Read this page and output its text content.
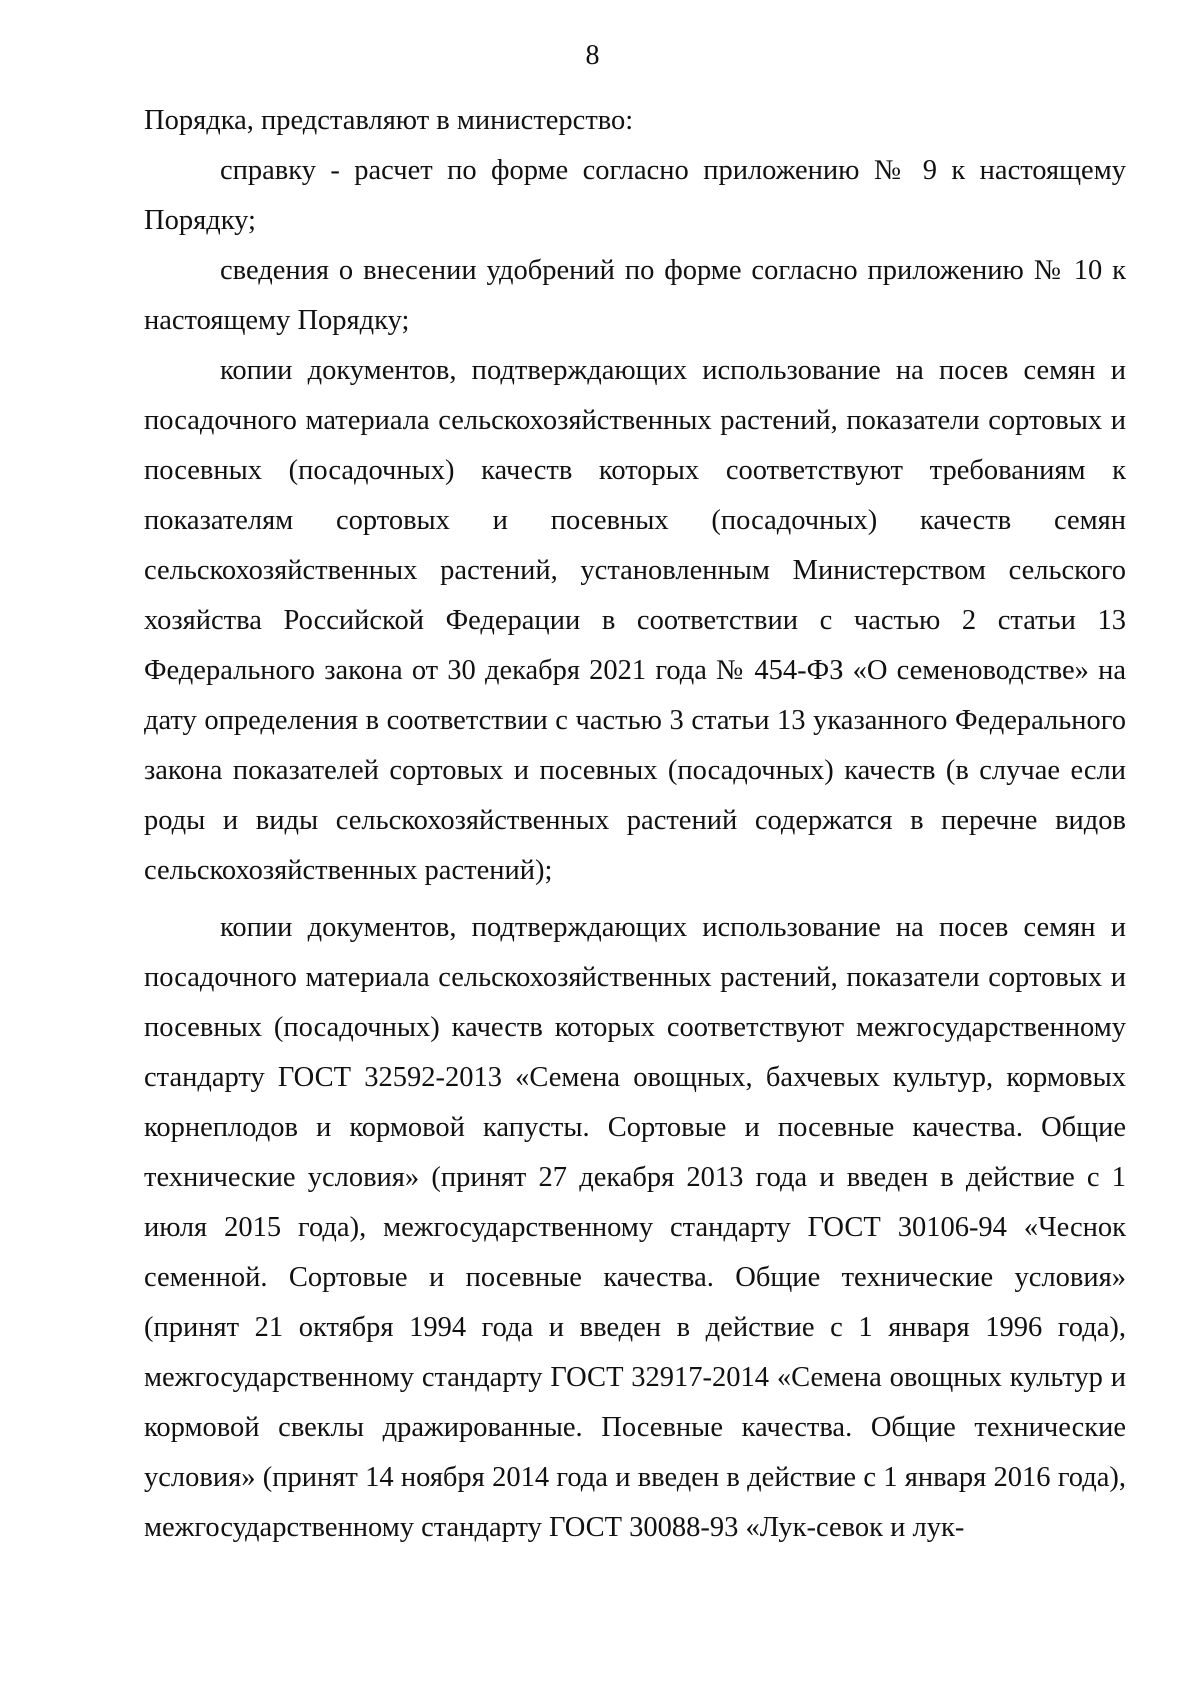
8

Порядка, представляют в министерство:

справку - расчет по форме согласно приложению № 9 к настоящему Порядку;

сведения о внесении удобрений по форме согласно приложению № 10 к настоящему Порядку;

копии документов, подтверждающих использование на посев семян и посадочного материала сельскохозяйственных растений, показатели сортовых и посевных (посадочных) качеств которых соответствуют требованиям к показателям сортовых и посевных (посадочных) качеств семян сельскохозяйственных растений, установленным Министерством сельского хозяйства Российской Федерации в соответствии с частью 2 статьи 13 Федерального закона от 30 декабря 2021 года № 454-ФЗ «О семеноводстве» на дату определения в соответствии с частью 3 статьи 13 указанного Федерального закона показателей сортовых и посевных (посадочных) качеств (в случае если роды и виды сельскохозяйственных растений содержатся в перечне видов сельскохозяйственных растений);

копии документов, подтверждающих использование на посев семян и посадочного материала сельскохозяйственных растений, показатели сортовых и посевных (посадочных) качеств которых соответствуют межгосударственному стандарту ГОСТ 32592-2013 «Семена овощных, бахчевых культур, кормовых корнеплодов и кормовой капусты. Сортовые и посевные качества. Общие технические условия» (принят 27 декабря 2013 года и введен в действие с 1 июля 2015 года), межгосударственному стандарту ГОСТ 30106-94 «Чеснок семенной. Сортовые и посевные качества. Общие технические условия» (принят 21 октября 1994 года и введен в действие с 1 января 1996 года), межгосударственному стандарту ГОСТ 32917-2014 «Семена овощных культур и кормовой свеклы дражированные. Посевные качества. Общие технические условия» (принят 14 ноября 2014 года и введен в действие с 1 января 2016 года), межгосударственному стандарту ГОСТ 30088-93 «Лук-севок и лук-
